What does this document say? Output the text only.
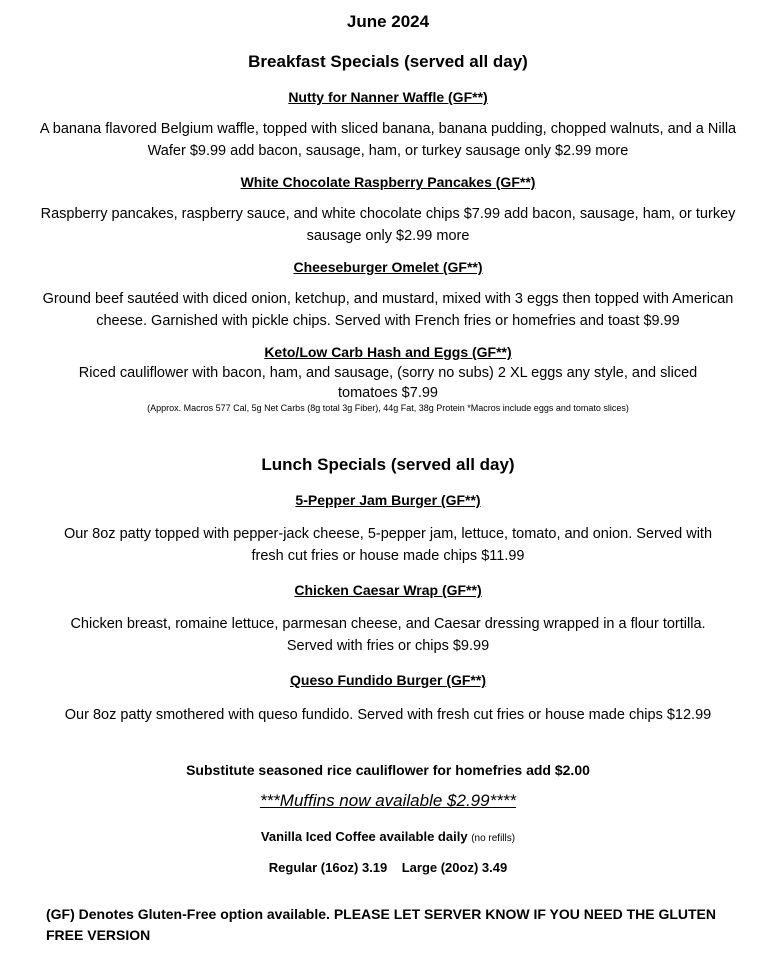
June 2024
Breakfast Specials (served all day)
Nutty for Nanner Waffle (GF**)
A banana flavored Belgium waffle, topped with sliced banana, banana pudding, chopped walnuts, and a Nilla Wafer $9.99 add bacon, sausage, ham, or turkey sausage only $2.99 more
White Chocolate Raspberry Pancakes (GF**)
Raspberry pancakes, raspberry sauce, and white chocolate chips $7.99 add bacon, sausage, ham, or turkey sausage only $2.99 more
Cheeseburger Omelet (GF**)
Ground beef sautéed with diced onion, ketchup, and mustard, mixed with 3 eggs then topped with American cheese. Garnished with pickle chips. Served with French fries or homefries and toast $9.99
Keto/Low Carb Hash and Eggs (GF**)
Riced cauliflower with bacon, ham, and sausage, (sorry no subs) 2 XL eggs any style, and sliced tomatoes $7.99
(Approx. Macros 577 Cal, 5g Net Carbs (8g total 3g Fiber), 44g Fat, 38g Protein *Macros include eggs and tomato slices)
Lunch Specials (served all day)
5-Pepper Jam Burger (GF**)
Our 8oz patty topped with pepper-jack cheese, 5-pepper jam, lettuce, tomato, and onion. Served with fresh cut fries or house made chips $11.99
Chicken Caesar Wrap (GF**)
Chicken breast, romaine lettuce, parmesan cheese, and Caesar dressing wrapped in a flour tortilla. Served with fries or chips $9.99
Queso Fundido Burger (GF**)
Our 8oz patty smothered with queso fundido. Served with fresh cut fries or house made chips $12.99
Substitute seasoned rice cauliflower for homefries add $2.00
***Muffins now available $2.99****
Vanilla Iced Coffee available daily (no refills)
Regular (16oz) 3.19    Large (20oz) 3.49
(GF) Denotes Gluten-Free option available. PLEASE LET SERVER KNOW IF YOU NEED THE GLUTEN FREE VERSION
